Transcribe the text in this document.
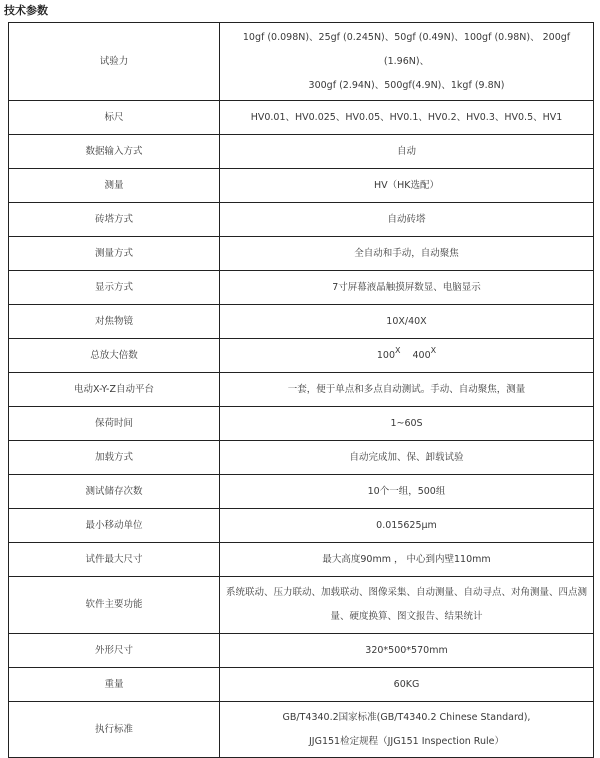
技术参数
试验力	10gf (0.098N)、25gf (0.245N)、50gf (0.49N)、100gf (0.98N)、 200gf (1.96N)、
300gf (2.94N)、500gf(4.9N)、1kgf (9.8N)

标尺	HV0.01、HV0.025、HV0.05、HV0.1、HV0.2、HV0.3、HV0.5、HV1
数据输入方式	自动
测量	HV（HK选配）
砖塔方式	自动砖塔
测量方式	全自动和手动，自动聚焦
显示方式	7寸屏幕液晶触摸屏数显、电脑显示
对焦物镜	10X/40X
总放大倍数	$100^X$ $400^X$
电动X-Y-Z自动平台	一套，便于单点和多点自动测试。手动、自动聚焦，测量
保荷时间	1~60S
加载方式	自动完成加、保、卸载试验
测试储存次数	10个一组，500组
最小移动单位	0.015625μm
试件最大尺寸	最大高度90mm ， 中心到内壁110mm
软件主要功能	系统联动、压力联动、加载联动、图像采集、自动测量、自动寻点、对角测量、四点测
量、硬度换算、图文报告、结果统计

外形尺寸	320*500*570mm
重量	60KG
执行标准	GB/T4340.2国家标准(GB/T4340.2 Chinese Standard),
JJG151检定规程（JJG151 Inspection Rule）
